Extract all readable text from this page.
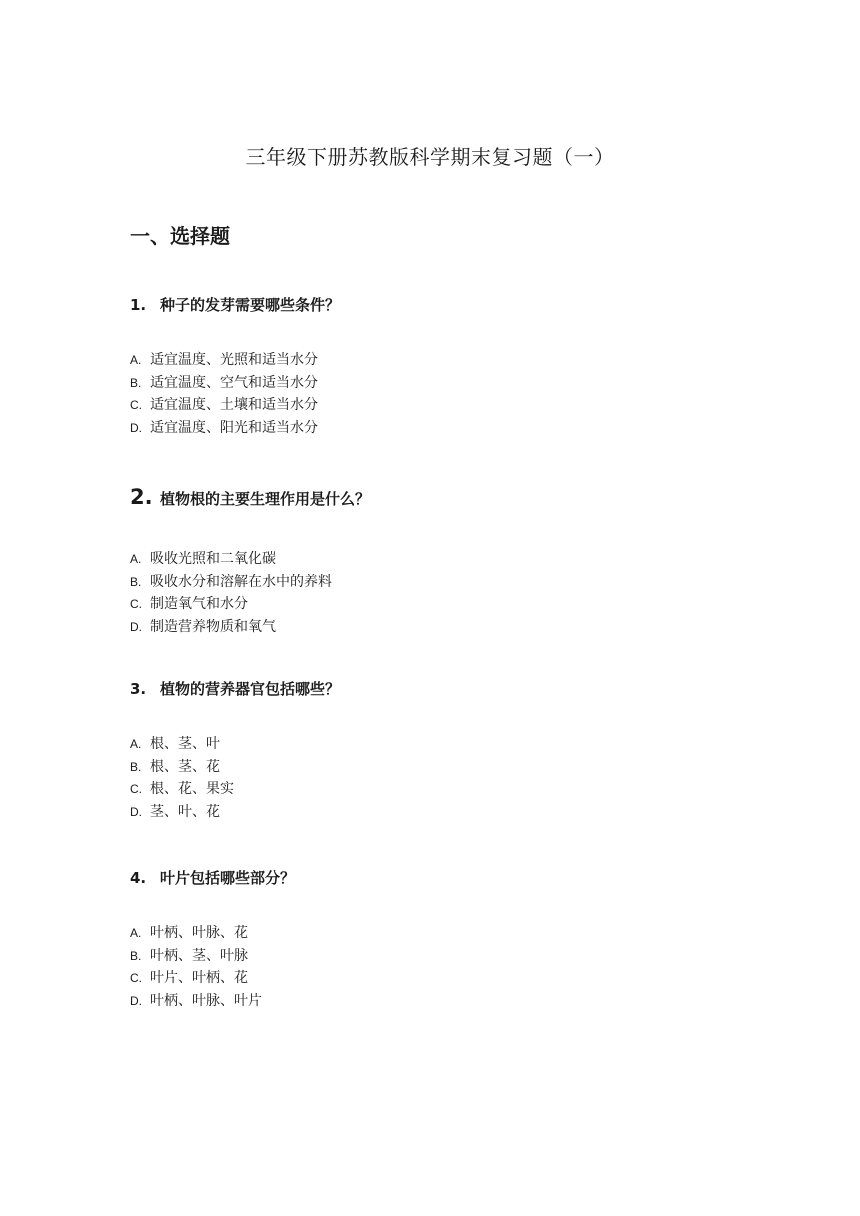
三年级下册苏教版科学期末复习题（一）
一、选择题
1. 种子的发芽需要哪些条件？
A. 适宜温度、光照和适当水分
B. 适宜温度、空气和适当水分
C. 适宜温度、土壤和适当水分
D. 适宜温度、阳光和适当水分
2. 植物根的主要生理作用是什么？
A. 吸收光照和二氧化碳
B. 吸收水分和溶解在水中的养料
C. 制造氧气和水分
D. 制造营养物质和氧气
3. 植物的营养器官包括哪些？
A. 根、茎、叶
B. 根、茎、花
C. 根、花、果实
D. 茎、叶、花
4. 叶片包括哪些部分？
A. 叶柄、叶脉、花
B. 叶柄、茎、叶脉
C. 叶片、叶柄、花
D. 叶柄、叶脉、叶片
